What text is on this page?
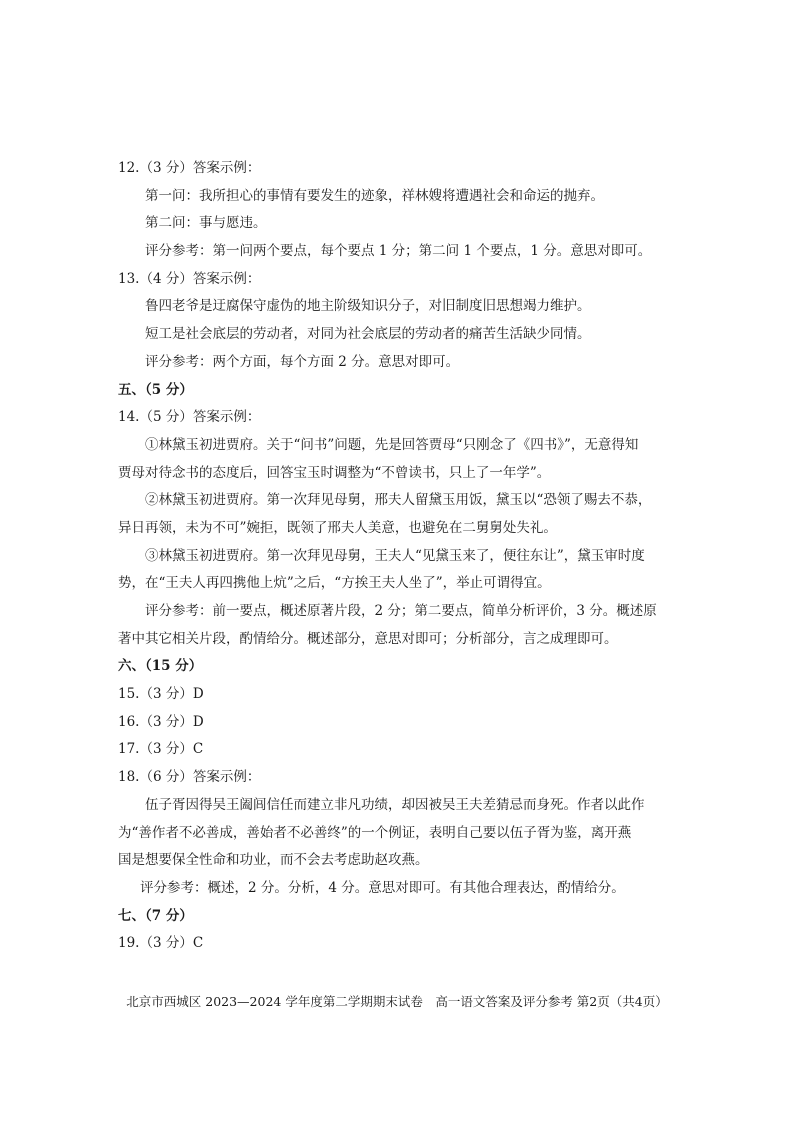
12.（3 分）答案示例：
第一问：我所担心的事情有要发生的迹象，祥林嫂将遭遇社会和命运的抛弃。
第二问：事与愿违。
评分参考：第一问两个要点，每个要点 1 分；第二问 1 个要点，1 分。意思对即可。
13.（4 分）答案示例：
鲁四老爷是迂腐保守虚伪的地主阶级知识分子，对旧制度旧思想竭力维护。
短工是社会底层的劳动者，对同为社会底层的劳动者的痛苦生活缺少同情。
评分参考：两个方面，每个方面 2 分。意思对即可。
五、（5 分）
14.（5 分）答案示例：
①林黛玉初进贾府。关于“问书”问题，先是回答贾母“只刚念了《四书》”，无意得知
贾母对待念书的态度后，回答宝玉时调整为“不曾读书，只上了一年学”。
②林黛玉初进贾府。第一次拜见母舅，邢夫人留黛玉用饭，黛玉以“恐领了赐去不恭，
异日再领，未为不可”婉拒，既领了邢夫人美意，也避免在二舅舅处失礼。
③林黛玉初进贾府。第一次拜见母舅，王夫人“见黛玉来了，便往东让”，黛玉审时度
势，在“王夫人再四携他上炕”之后，“方挨王夫人坐了”，举止可谓得宜。
评分参考：前一要点，概述原著片段，2 分；第二要点，简单分析评价，3 分。概述原
著中其它相关片段，酌情给分。概述部分，意思对即可；分析部分，言之成理即可。
六、（15 分）
15.（3 分）D
16.（3 分）D
17.（3 分）C
18.（6 分）答案示例：
伍子胥因得吴王阖闾信任而建立非凡功绩，却因被吴王夫差猜忌而身死。作者以此作
为“善作者不必善成，善始者不必善终”的一个例证，表明自己要以伍子胥为鉴，离开燕
国是想要保全性命和功业，而不会去考虑助赵攻燕。
评分参考：概述，2 分。分析，4 分。意思对即可。有其他合理表达，酌情给分。
七、（7 分）
19.（3 分）C
北京市西城区 2023—2024 学年度第二学期期末试卷　高一语文答案及评分参考 第2页（共4页）
